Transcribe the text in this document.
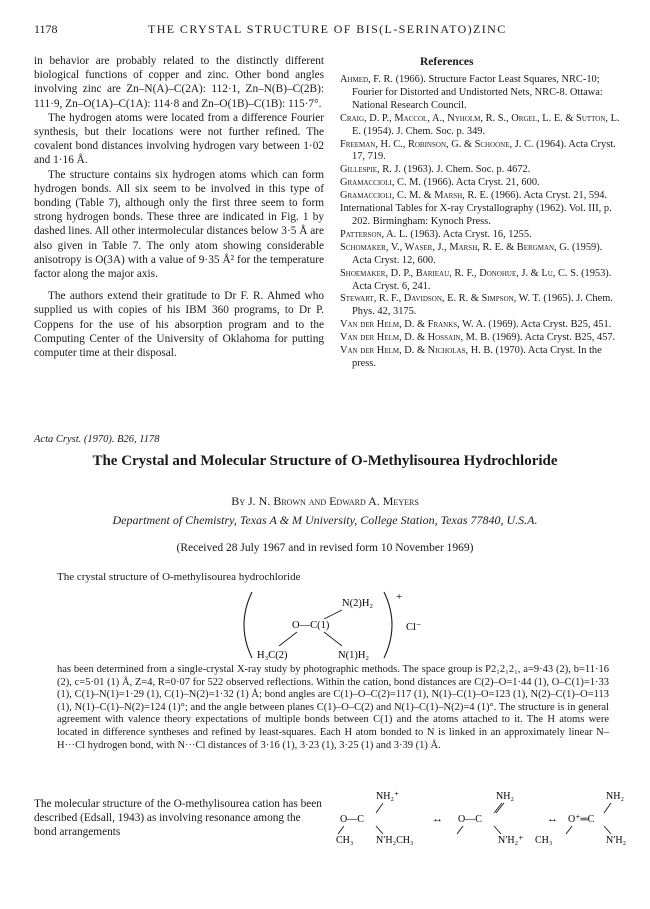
1178	THE CRYSTAL STRUCTURE OF BIS(L-SERINATO)ZINC

in behavior are probably related to the distinctly different biological functions of copper and zinc. Other bond angles involving zinc are Zn–N(A)–C(2A): 112·1, Zn–N(B)–C(2B): 111·9, Zn–O(1A)–C(1A): 114·8 and Zn–O(1B)–C(1B): 115·7°.

The hydrogen atoms were located from a difference Fourier synthesis, but their locations were not further refined. The covalent bond distances involving hydrogen vary between 1·02 and 1·16 Å.

The structure contains six hydrogen atoms which can form hydrogen bonds. All six seem to be involved in this type of bonding (Table 7), although only the first three seem to form strong hydrogen bonds. These three are indicated in Fig. 1 by dashed lines. All other intermolecular distances below 3·5 Å are also given in Table 7. The only atom showing considerable anisotropy is O(3A) with a value of 9·35 Å² for the temperature factor along the major axis.

The authors extend their gratitude to Dr F. R. Ahmed who supplied us with copies of his IBM 360 programs, to Dr P. Coppens for the use of his absorption program and to the Computing Center of the University of Oklahoma for putting computer time at their disposal.

References

Ahmed, F. R. (1966). Structure Factor Least Squares, NRC-10; Fourier for Distorted and Undistorted Nets, NRC-8. Ottawa: National Research Council.

Craig, D. P., Maccol, A., Nyholm, R. S., Orgel, L. E. & Sutton, L. E. (1954). J. Chem. Soc. p. 349.

Freeman, H. C., Robinson, G. & Schoone, J. C. (1964). Acta Cryst. 17, 719.

Gillespie, R. J. (1963). J. Chem. Soc. p. 4672.

Gramaccioli, C. M. (1966). Acta Cryst. 21, 600.

Gramaccioli, C. M. & Marsh, R. E. (1966). Acta Cryst. 21, 594.

International Tables for X-ray Crystallography (1962). Vol. III, p. 202. Birmingham: Kynoch Press.

Patterson, A. L. (1963). Acta Cryst. 16, 1255.

Schomaker, V., Waser, J., Marsh, R. E. & Bergman, G. (1959). Acta Cryst. 12, 600.

Shoemaker, D. P., Barieau, R. F., Donohue, J. & Lu, C. S. (1953). Acta Cryst. 6, 241.

Stewart, R. F., Davidson, E. R. & Simpson, W. T. (1965). J. Chem. Phys. 42, 3175.

Van der Helm, D. & Franks, W. A. (1969). Acta Cryst. B25, 451.

Van der Helm, D. & Hossain, M. B. (1969). Acta Cryst. B25, 457.

Van der Helm, D. & Nicholas, H. B. (1970). Acta Cryst. In the press.

Acta Cryst. (1970). B26, 1178
The Crystal and Molecular Structure of O-Methylisourea Hydrochloride
By J. N. Brown and Edward A. Meyers
Department of Chemistry, Texas A & M University, College Station, Texas 77840, U.S.A.
(Received 28 July 1967 and in revised form 10 November 1969)
The crystal structure of O-methylisourea hydrochloride
N(2)H₂
O—C(1)
H₃C(2)	N(1)H₂
+
Cl⁻
has been determined from a single-crystal X-ray study by photographic methods. The space group is P2₁2₁2₁, a=9·43 (2), b=11·16 (2), c=5·01 (1) Å, Z=4, R=0·07 for 522 observed reflections. Within the cation, bond distances are C(2)–O=1·44 (1), O–C(1)=1·33 (1), C(1)–N(1)=1·29 (1), C(1)–N(2)=1·32 (1) Å; bond angles are C(1)–O–C(2)=117 (1), N(1)–C(1)–O=123 (1), N(2)–C(1)–O=113 (1), N(1)–C(1)–N(2)=124 (1)°; and the angle between planes C(1)–O–C(2) and N(1)–C(1)–N(2)=4 (1)°. The structure is in general agreement with valence theory expectations of multiple bonds between C(1) and the atoms attached to it. The H atoms were located in difference syntheses and refined by least-squares. Each H atom bonded to N is linked in an approximately linear N–H···Cl hydrogen bond, with N···Cl distances of 3·16 (1), 3·23 (1), 3·25 (1) and 3·39 (1) Å.
The molecular structure of the O-methylisourea cation has been described (Edsall, 1943) as involving resonance among the bond arrangements
NH₂⁺
O—C
CH₃ N′H₂CH₃
↔
NH₂
O—C
N′H₂⁺ CH₃
↔
NH₂
O⁺═C
N′H₂
